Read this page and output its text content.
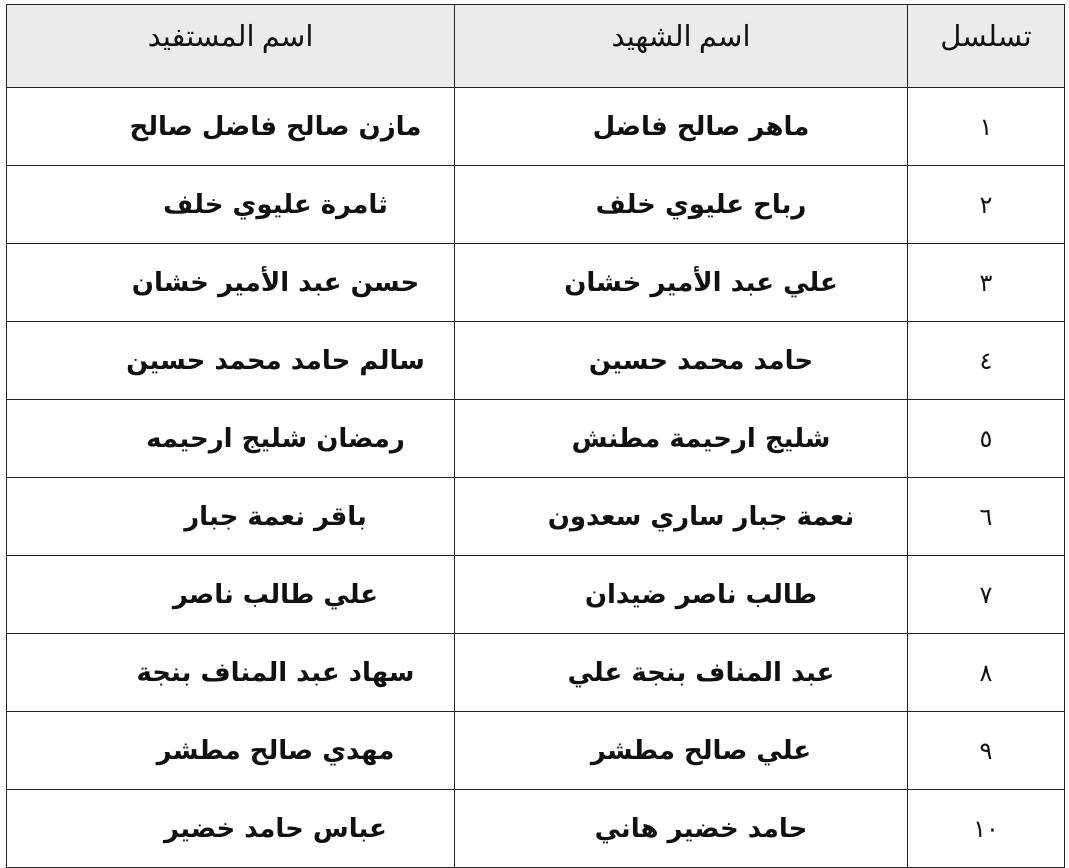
تسلسل	اسم الشهيد	اسم المستفيد
١	ماهر صالح فاضل	مازن صالح فاضل صالح
٢	رباح عليوي خلف	ثامرة عليوي خلف
٣	علي عبد الأمير خشان	حسن عبد الأمير خشان
٤	حامد محمد حسين	سالم حامد محمد حسين
٥	شليج ارحيمة مطنش	رمضان شليج ارحيمه
٦	نعمة جبار ساري سعدون	باقر نعمة جبار
٧	طالب ناصر ضيدان	علي طالب ناصر
٨	عبد المناف بنجة علي	سهاد عبد المناف بنجة
٩	علي صالح مطشر	مهدي صالح مطشر
١٠	حامد خضير هاني	عباس حامد خضير
